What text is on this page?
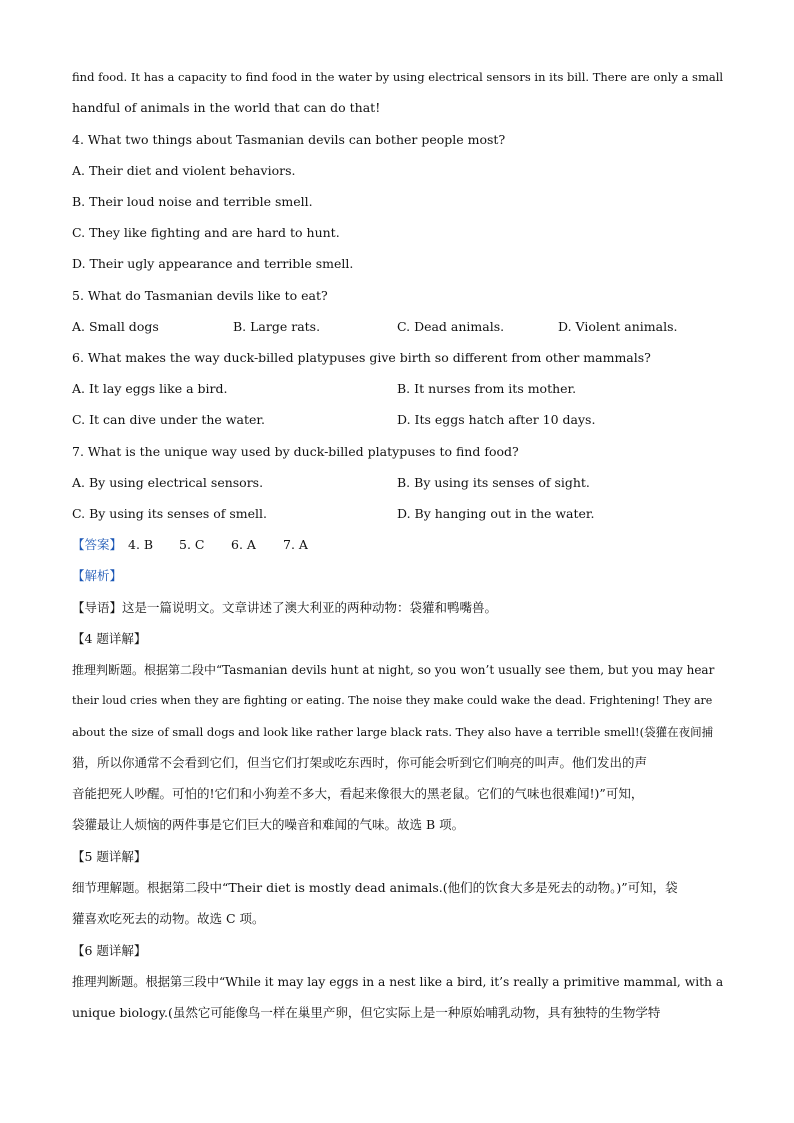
find food. It has a capacity to find food in the water by using electrical sensors in its bill. There are only a small
handful of animals in the world that can do that!
4. What two things about Tasmanian devils can bother people most?
A. Their diet and violent behaviors.
B. Their loud noise and terrible smell.
C. They like fighting and are hard to hunt.
D. Their ugly appearance and terrible smell.
5. What do Tasmanian devils like to eat?
A. Small dogs	B. Large rats.	C. Dead animals.	D. Violent animals.
6. What makes the way duck-billed platypuses give birth so different from other mammals?
A. It lay eggs like a bird.	B. It nurses from its mother.
C. It can dive under the water.	D. Its eggs hatch after 10 days.
7. What is the unique way used by duck-billed platypuses to find food?
A. By using electrical sensors.	B. By using its senses of sight.
C. By using its senses of smell.	D. By hanging out in the water.
【答案】 4. B 5. C 6. A 7. A
【解析】
【导语】这是一篇说明文。文章讲述了澳大利亚的两种动物：袋獾和鸭嘴兽。
【4 题详解】
推理判断题。根据第二段中“Tasmanian devils hunt at night, so you won’t usually see them, but you may hear
their loud cries when they are fighting or eating. The noise they make could wake the dead. Frightening! They are
about the size of small dogs and look like rather large black rats. They also have a terrible smell!(袋獾在夜间捕
猎，所以你通常不会看到它们，但当它们打架或吃东西时，你可能会听到它们响亮的叫声。他们发出的声
音能把死人吵醒。可怕的!它们和小狗差不多大，看起来像很大的黑老鼠。它们的气味也很难闻!)”可知，
袋獾最让人烦恼的两件事是它们巨大的噪音和难闻的气味。故选 B 项。
【5 题详解】
细节理解题。根据第二段中“Their diet is mostly dead animals.(他们的饮食大多是死去的动物。)”可知，袋
獾喜欢吃死去的动物。故选 C 项。
【6 题详解】
推理判断题。根据第三段中“While it may lay eggs in a nest like a bird, it’s really a primitive mammal, with a
unique biology.(虽然它可能像鸟一样在巢里产卵，但它实际上是一种原始哺乳动物，具有独特的生物学特
